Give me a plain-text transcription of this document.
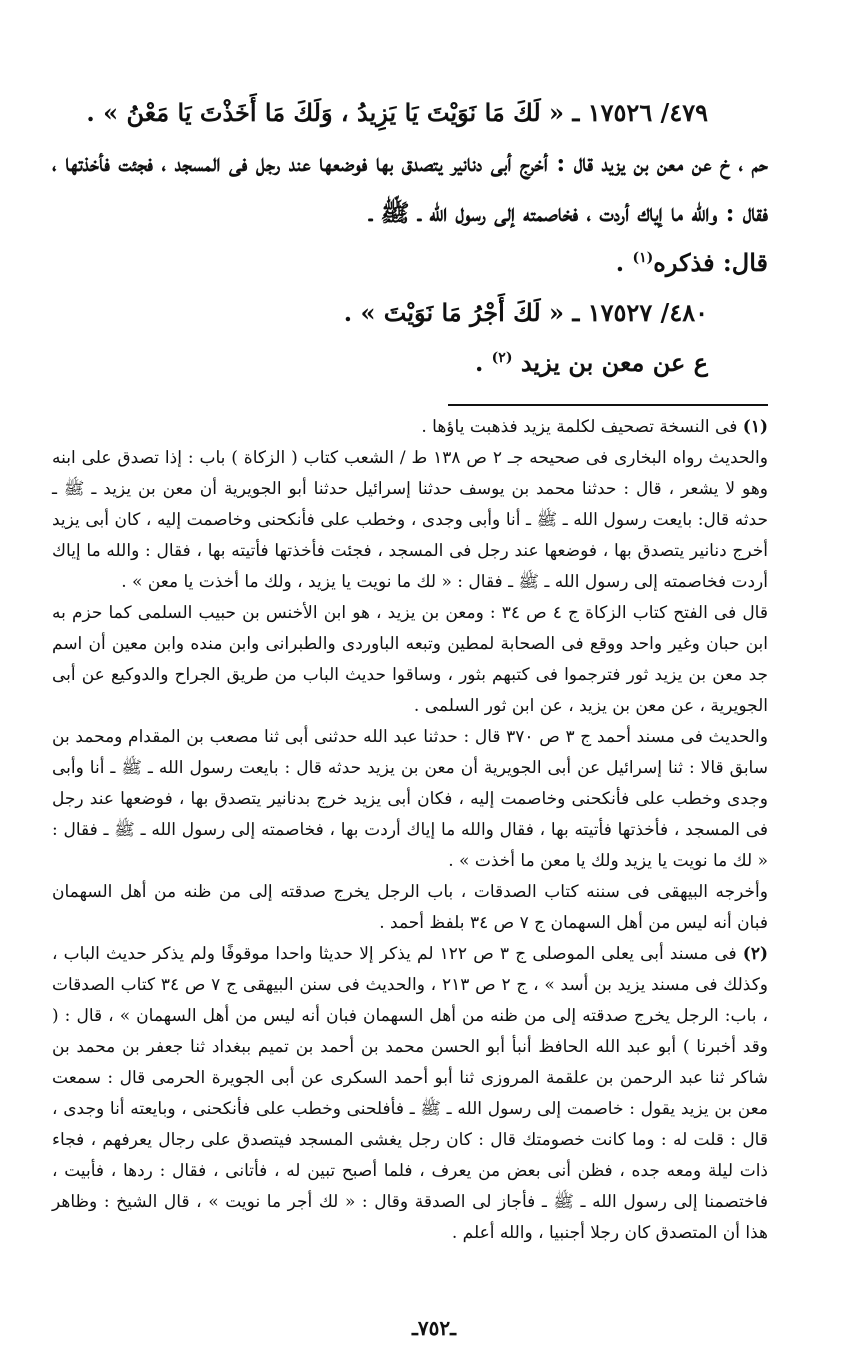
٤٧٩/ ١٧٥٢٦ ـ « لَكَ مَا نَوَيْتَ يَا يَزِيدُ ، وَلَكَ مَا أَخَذْتَ يَا مَعْنُ » .

حم ، خ عن معن بن يزيد قال : أخرج أبى دنانير يتصدق بها فوضعها عند رجل فى المسجد ، فجئت فأخذتها ، فقال : والله ما إياك أردت ، فخاصمته إلى رسول الله ـ ﷺ ـ

قال: فذكره$^{(١)}$ .

٤٨٠/ ١٧٥٢٧ ـ « لَكَ أَجْرُ مَا نَوَيْتَ » .

ع عن معن بن يزيد $^{(٢)}$ .

(١) فى النسخة تصحيف لكلمة يزيد فذهبت ياؤها .

والحديث رواه البخارى فى صحيحه جـ ٢ ص ١٣٨ ط / الشعب كتاب ( الزكاة ) باب : إذا تصدق على ابنه وهو لا يشعر ، قال : حدثنا محمد بن يوسف حدثنا إسرائيل حدثنا أبو الجويرية أن معن بن يزيد ـ ﷺ ـ حدثه قال: بايعت رسول الله ـ ﷺ ـ أنا وأبى وجدى ، وخطب على فأنكحنى وخاصمت إليه ، كان أبى يزيد أخرج دنانير يتصدق بها ، فوضعها عند رجل فى المسجد ، فجئت فأخذتها فأتيته بها ، فقال : والله ما إياك أردت فخاصمته إلى رسول الله ـ ﷺ ـ فقال : « لك ما نويت يا يزيد ، ولك ما أخذت يا معن » .

قال فى الفتح كتاب الزكاة ج ٤ ص ٣٤ : ومعن بن يزيد ، هو ابن الأخنس بن حبيب السلمى كما حزم به ابن حبان وغير واحد ووقع فى الصحابة لمطين وتبعه الباوردى والطبرانى وابن منده وابن معين أن اسم جد معن بن يزيد ثور فترجموا فى كتبهم بثور ، وساقوا حديث الباب من طريق الجراح والدوكيع عن أبى الجويرية ، عن معن بن يزيد ، عن ابن ثور السلمى .

والحديث فى مسند أحمد ج ٣ ص ٣٧٠ قال : حدثنا عبد الله حدثنى أبى ثنا مصعب بن المقدام ومحمد بن سابق قالا : ثنا إسرائيل عن أبى الجويرية أن معن بن يزيد حدثه قال : بايعت رسول الله ـ ﷺ ـ أنا وأبى وجدى وخطب على فأنكحنى وخاصمت إليه ، فكان أبى يزيد خرج بدنانير يتصدق بها ، فوضعها عند رجل فى المسجد ، فأخذتها فأتيته بها ، فقال والله ما إياك أردت بها ، فخاصمته إلى رسول الله ـ ﷺ ـ فقال : « لك ما نويت يا يزيد ولك يا معن ما أخذت » .

وأخرجه البيهقى فى سننه كتاب الصدقات ، باب الرجل يخرج صدقته إلى من ظنه من أهل السهمان فبان أنه ليس من أهل السهمان ج ٧ ص ٣٤ بلفظ أحمد .

(٢) فى مسند أبى يعلى الموصلى ج ٣ ص ١٢٢ لم يذكر إلا حديثا واحدا موقوفًا ولم يذكر حديث الباب ، وكذلك فى مسند يزيد بن أسد » ، ج ٢ ص ٢١٣ ، والحديث فى سنن البيهقى ج ٧ ص ٣٤ كتاب الصدقات ، باب: الرجل يخرج صدقته إلى من ظنه من أهل السهمان فبان أنه ليس من أهل السهمان » ، قال : ( وقد أخبرنا ) أبو عبد الله الحافظ أنبأ أبو الحسن محمد بن أحمد بن تميم ببغداد ثنا جعفر بن محمد بن شاكر ثنا عبد الرحمن بن علقمة المروزى ثنا أبو أحمد السكرى عن أبى الجويرة الحرمى قال : سمعت معن بن يزيد يقول : خاصمت إلى رسول الله ـ ﷺ ـ فأفلحنى وخطب على فأنكحنى ، وبايعته أنا وجدى ، قال : قلت له : وما كانت خصومتك قال : كان رجل يغشى المسجد فيتصدق على رجال يعرفهم ، فجاء ذات ليلة ومعه جده ، فظن أنى بعض من يعرف ، فلما أصبح تبين له ، فأتانى ، فقال : ردها ، فأبيت ، فاختصمنا إلى رسول الله ـ ﷺ ـ فأجاز لى الصدقة وقال : « لك أجر ما نويت » ، قال الشيخ : وظاهر هذا أن المتصدق كان رجلا أجنبيا ، والله أعلم .

ـ٧٥٢ـ
